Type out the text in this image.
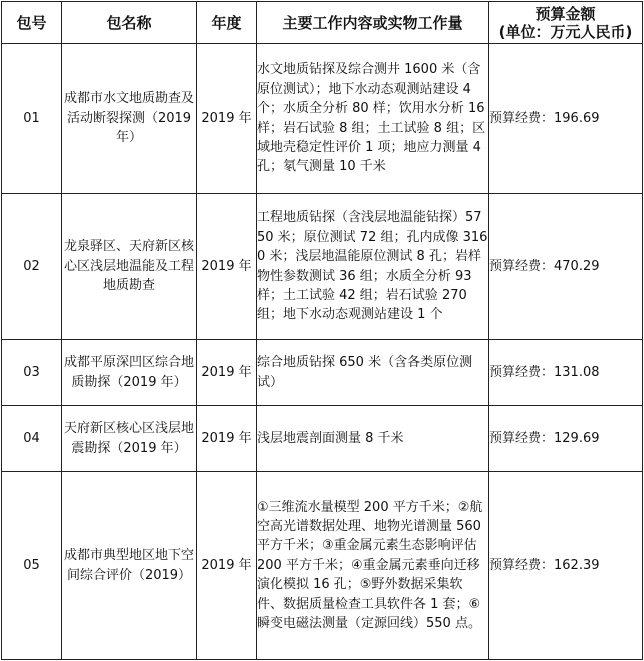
包号	包名称	年度	主要工作内容或实物工作量	预算金额
(单位：万元人民币)

01	成都市水文地质勘查及活动断裂探测（2019 年）	2019 年	水文地质钻探及综合测井 1600 米（含原位测试）；地下水动态观测站建设 4 个；水质全分析 80 样；饮用水分析 16 样；岩石试验 8 组；土工试验 8 组；区域地壳稳定性评价 1 项；地应力测量 4 孔；氡气测量 10 千米	预算经费：196.69
02	龙泉驿区、天府新区核心区浅层地温能及工程地质勘查	2019 年	工程地质钻探（含浅层地温能钻探）5750 米；原位测试 72 组；孔内成像 3160 米；浅层地温能原位测试 8 孔；岩样物性参数测试 36 组；水质全分析 93 样；土工试验 42 组；岩石试验 270 组；地下水动态观测站建设 1 个	预算经费：470.29
03	成都平原深凹区综合地质勘探（2019 年）	2019 年	综合地质钻探 650 米（含各类原位测试）	预算经费：131.08
04	天府新区核心区浅层地震勘探（2019 年）	2019 年	浅层地震剖面测量 8 千米	预算经费：129.69
05	成都市典型地区地下空间综合评价（2019）	2019 年	①三维流水量模型 200 平方千米；②航空高光谱数据处理、地物光谱测量 560 平方千米；③重金属元素生态影响评估 200 平方千米；④重金属元素垂向迁移演化模拟 16 孔；⑤野外数据采集软件、数据质量检查工具软件各 1 套；⑥瞬变电磁法测量（定源回线）550 点。	预算经费：162.39
